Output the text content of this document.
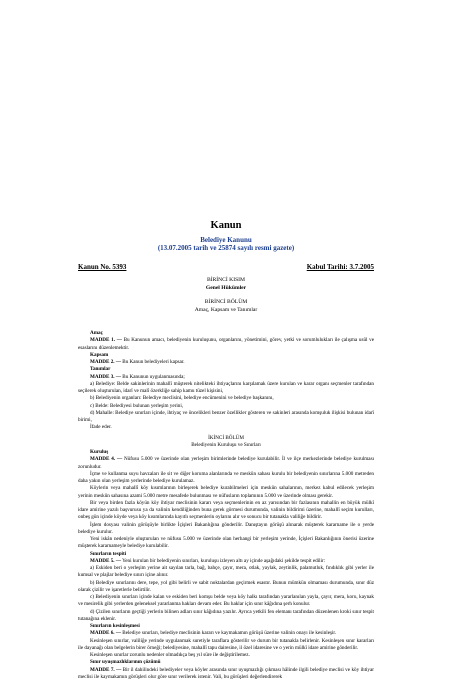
Kanun
Belediye Kanunu
(13.07.2005 tarih ve 25874 sayılı resmi gazete)
Kanun No. 5393	Kabul Tarihi: 3.7.2005
BİRİNCİ KISIM
Genel Hükümler
BİRİNCİ BÖLÜM
Amaç, Kapsam ve Tanımlar

Amaç

MADDE 1. — Bu Kanunun amacı, belediyenin kuruluşunu, organlarını, yönetimini, görev, yetki ve sorumlulukları ile çalışma usûl ve esaslarını düzenlemektir.

Kapsam

MADDE 2. — Bu Kanun belediyeleri kapsar.

Tanımlar

MADDE 3. — Bu Kanunun uygulanmasında;

a) Belediye: Belde sakinlerinin mahallî müşterek nitelikteki ihtiyaçlarını karşılamak üzere kurulan ve karar organı seçmenler tarafından seçilerek oluşturulan, idarî ve malî özerkliğe sahip kamu tüzel kişisini,

b) Belediyenin organları: Belediye meclisini, belediye encümenini ve belediye başkanını,

c) Belde: Belediyesi bulunan yerleşim yerini,

d) Mahalle: Belediye sınırları içinde, ihtiyaç ve öncelikleri benzer özellikler gösteren ve sakinleri arasında komşuluk ilişkisi bulunan idarî birimi,

İfade eder.

İKİNCİ BÖLÜM

Belediyenin Kuruluşu ve Sınırları

Kuruluş

MADDE 4. — Nüfusu 5.000 ve üzerinde olan yerleşim birimlerinde belediye kurulabilir. İl ve ilçe merkezlerinde belediye kurulması zorunludur.

İçme ve kullanma suyu havzaları ile sit ve diğer koruma alanlarında ve meskûn sahası kurulu bir belediyenin sınırlarına 5.000 metreden daha yakın olan yerleşim yerlerinde belediye kurulamaz.

Köylerin veya mahallî köy kısımlarının birleşerek belediye kurabilmeleri için meskûn sahalarının, merkez kabul edilecek yerleşim yerinin meskûn sahasına azami 5.000 metre mesafede bulunması ve nüfusların toplamının 5.000 ve üzerinde olması gerekir.

Bir veya birden fazla köyün köy ihtiyar meclisinin kararı veya seçmenlerinin en az yarısından bir fazlasının mahallin en büyük mülkî idare amirine yazılı başvurusu ya da valinin kendiliğinden buna gerek görmesi durumunda, valinin bildirimi üzerine, mahallî seçim kurulları, onbeş gün içinde köyde veya köy kısımlarında kayıtlı seçmenlerin oylarını alır ve sonucu bir tutanakla valiliğe bildirir.

İşlem dosyası valinin görüşüyle birlikte İçişleri Bakanlığına gönderilir. Danıştayın görüşü alınarak müşterek kararname ile o yerde belediye kurulur.

Yeni iskân nedeniyle oluşturulan ve nüfusu 5.000 ve üzerinde olan herhangi bir yerleşim yerinde, İçişleri Bakanlığının önerisi üzerine müşterek kararnameyle belediye kurulabilir.

Sınırların tespiti

MADDE 5. — Yeni kurulan bir belediyenin sınırları, kuruluşu izleyen altı ay içinde aşağıdaki şekilde tespit edilir:

a) Eskiden beri o yerleşim yerine ait sayılan tarla, bağ, bahçe, çayır, mera, otlak, yaylak, zeytinlik, palamutluk, fındıklık gibi yerler ile kumsal ve plajlar belediye sınırı içine alınır.

b) Belediye sınırlarını dere, tepe, yol gibi belirli ve sabit noktalardan geçirmek esastır. Bunun mümkün olmaması durumunda, sınır düz olarak çizilir ve işaretlerle belirtilir.

c) Belediyenin sınırları içinde kalan ve eskiden beri komşu belde veya köy halkı tarafından yararlanılan yayla, çayır, mera, koru, kaynak ve mesirelik gibi yerlerden geleneksel yararlanma hakları devam eder. Bu haklar için sınır kâğıdına şerh konulur.

d) Çizilen sınırların geçtiği yerlerin bilinen adları sınır kâğıdına yazılır. Ayrıca yetkili fen elemanı tarafından düzenlenen kroki sınır tespit tutanağına eklenir.

Sınırların kesinleşmesi

MADDE 6. — Belediye sınırları, belediye meclisinin kararı ve kaymakamın görüşü üzerine valinin onayı ile kesinleşir.

Kesinleşen sınırlar, valiliğe yerinde uygulanmak suretiyle taraflara gösterilir ve durum bir tutanakla belirlenir. Kesinleşen sınır kararları ile dayanağı olan belgelerin birer örneği; belediyesine, mahallî tapu dairesine, il özel idaresine ve o yerin mülkî idare amirine gönderilir.

Kesinleşen sınırlar zorunlu nedenler olmadıkça beş yıl süre ile değiştirilemez.

Sınır uyuşmazlıklarının çözümü

MADDE 7. — Bir il dahilindeki belediyeler veya köyler arasında sınır uyuşmazlığı çıkması hâlinde ilgili belediye meclisi ve köy ihtiyar meclisi ile kaymakamın görüşleri olur göre sınır verilerek istenir. Vali, bu görüşleri değerlendirerek
